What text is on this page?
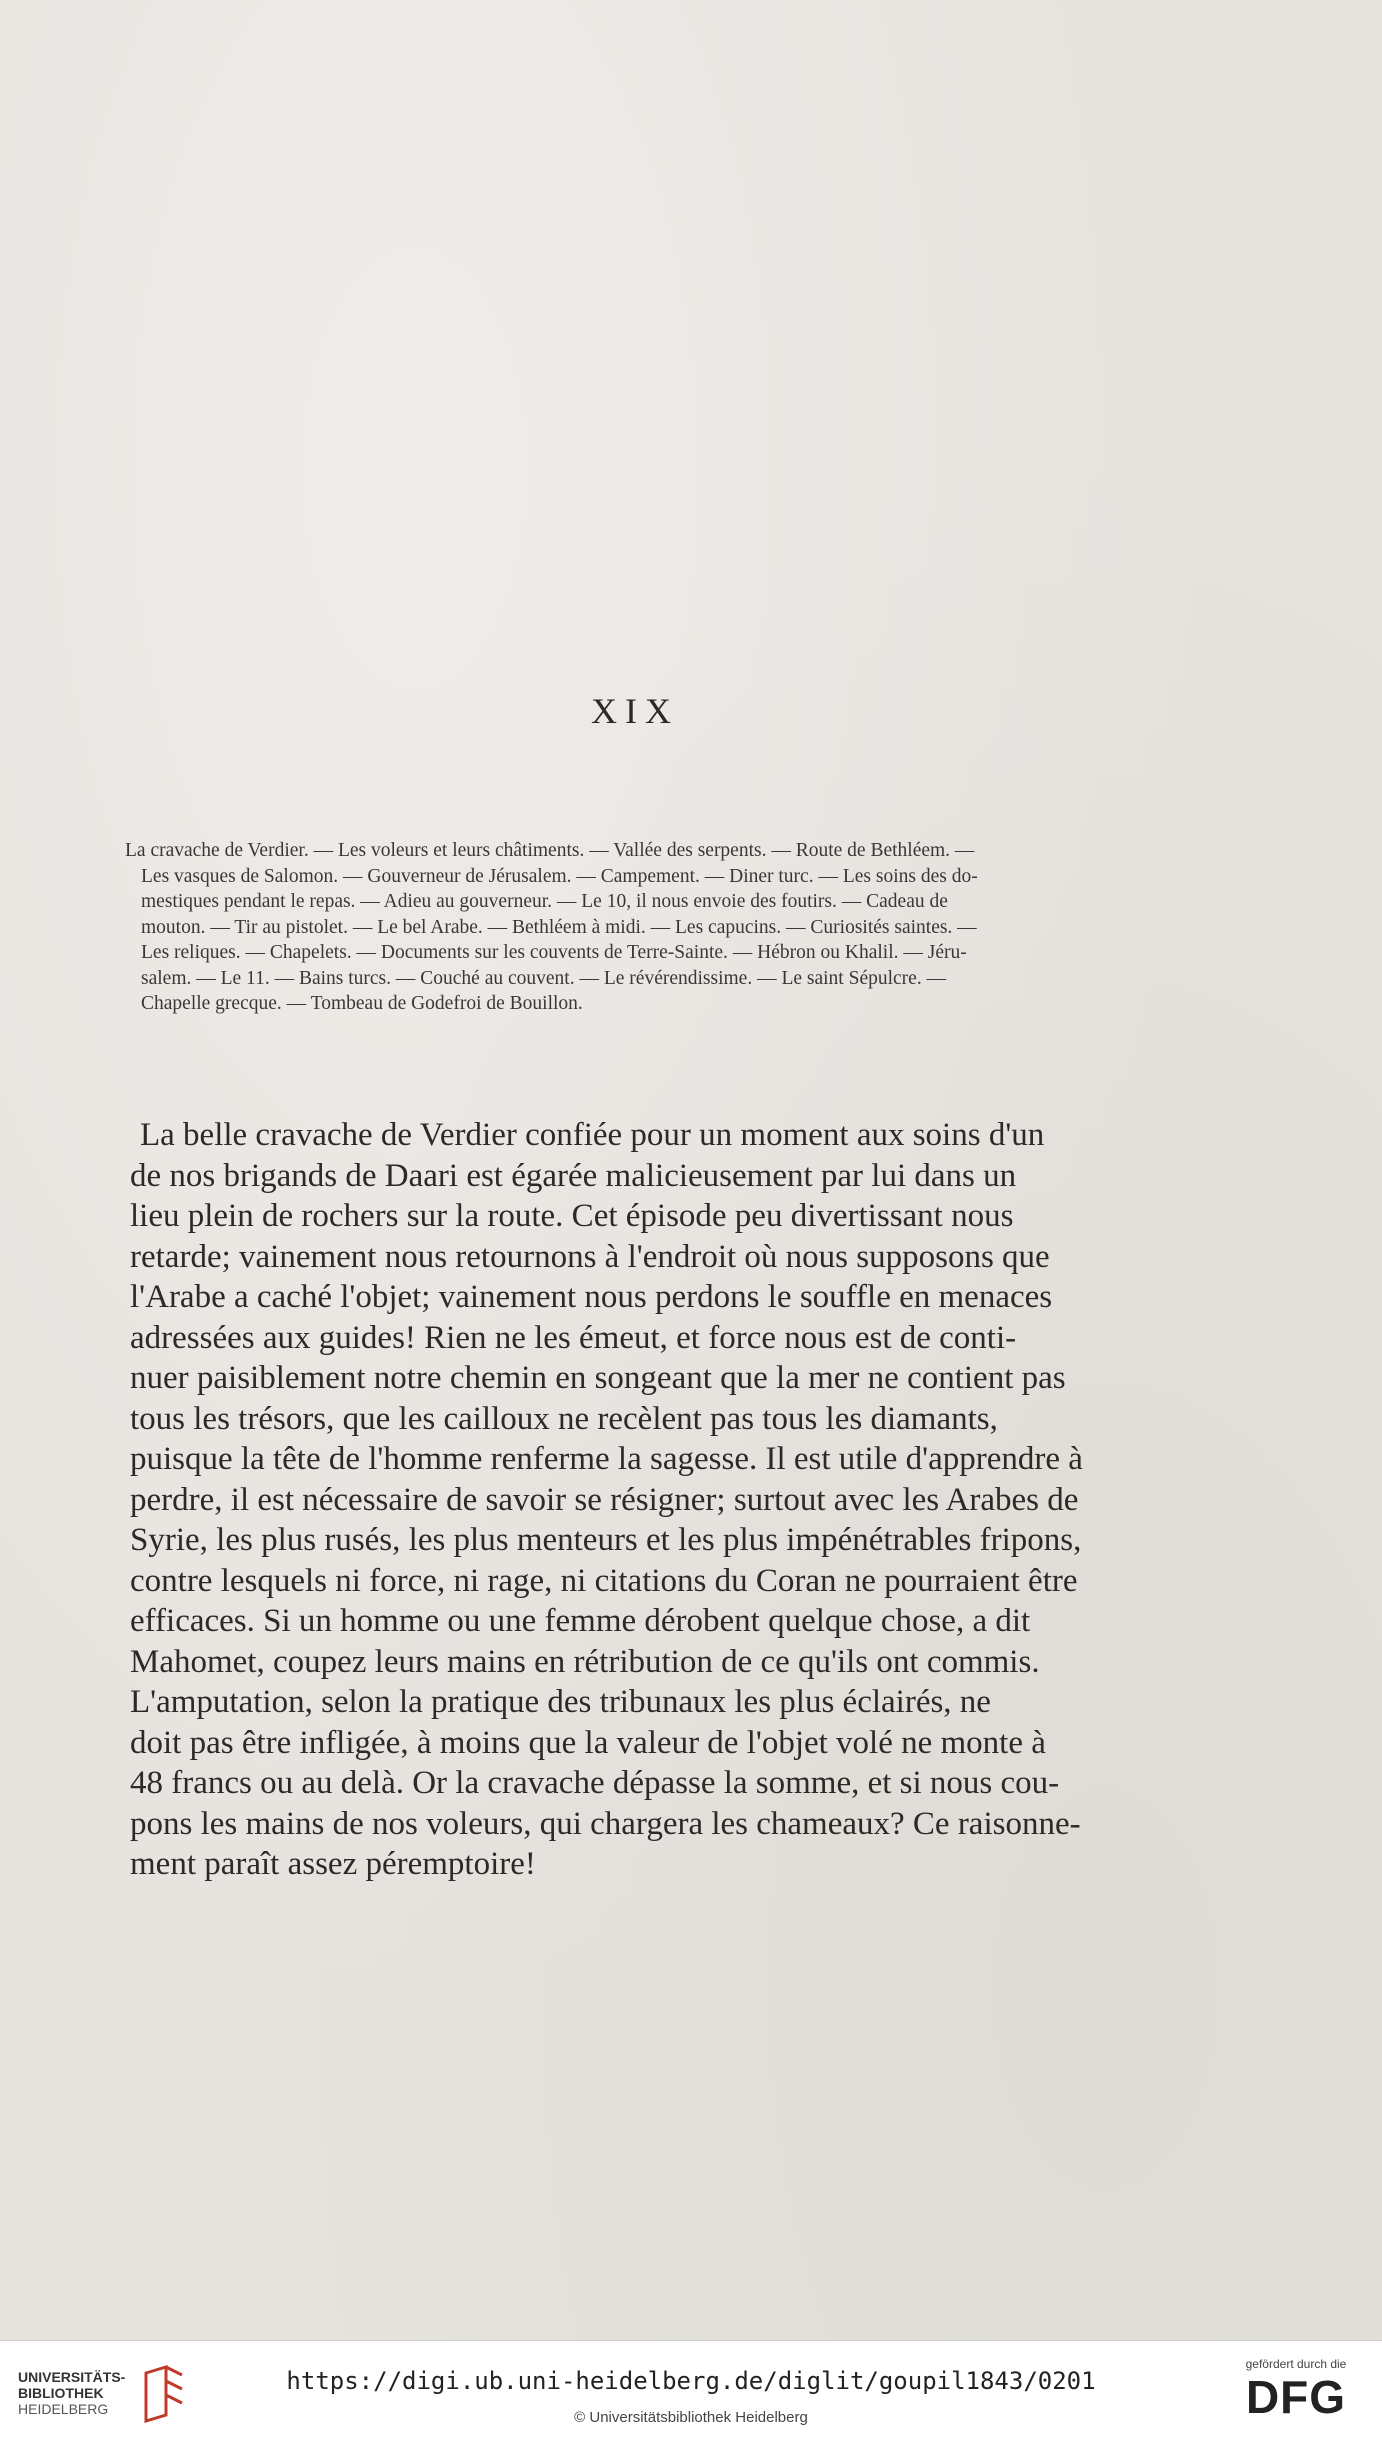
XIX
La cravache de Verdier. — Les voleurs et leurs châtiments. — Vallée des serpents. — Route de Bethléem. —
Les vasques de Salomon. — Gouverneur de Jérusalem. — Campement. — Diner turc. — Les soins des do-
mestiques pendant le repas. — Adieu au gouverneur. — Le 10, il nous envoie des foutirs. — Cadeau de
mouton. — Tir au pistolet. — Le bel Arabe. — Bethléem à midi. — Les capucins. — Curiosités saintes. —
Les reliques. — Chapelets. — Documents sur les couvents de Terre-Sainte. — Hébron ou Khalil. — Jéru-
salem. — Le 11. — Bains turcs. — Couché au couvent. — Le révérendissime. — Le saint Sépulcre. —
Chapelle grecque. — Tombeau de Godefroi de Bouillon.
La belle cravache de Verdier confiée pour un moment aux soins d'un
de nos brigands de Daari est égarée malicieusement par lui dans un
lieu plein de rochers sur la route. Cet épisode peu divertissant nous
retarde; vainement nous retournons à l'endroit où nous supposons que
l'Arabe a caché l'objet; vainement nous perdons le souffle en menaces
adressées aux guides! Rien ne les émeut, et force nous est de conti-
nuer paisiblement notre chemin en songeant que la mer ne contient pas
tous les trésors, que les cailloux ne recèlent pas tous les diamants,
puisque la tête de l'homme renferme la sagesse. Il est utile d'apprendre à
perdre, il est nécessaire de savoir se résigner; surtout avec les Arabes de
Syrie, les plus rusés, les plus menteurs et les plus impénétrables fripons,
contre lesquels ni force, ni rage, ni citations du Coran ne pourraient être
efficaces. Si un homme ou une femme dérobent quelque chose, a dit
Mahomet, coupez leurs mains en rétribution de ce qu'ils ont commis.
L'amputation, selon la pratique des tribunaux les plus éclairés, ne
doit pas être infligée, à moins que la valeur de l'objet volé ne monte à
48 francs ou au delà. Or la cravache dépasse la somme, et si nous cou-
pons les mains de nos voleurs, qui chargera les chameaux? Ce raisonne-
ment paraît assez péremptoire!
UNIVERSITÄTS-
BIBLIOTHEK
HEIDELBERG
https://digi.ub.uni-heidelberg.de/diglit/goupil1843/0201
© Universitätsbibliothek Heidelberg
gefördert durch die
DFG
